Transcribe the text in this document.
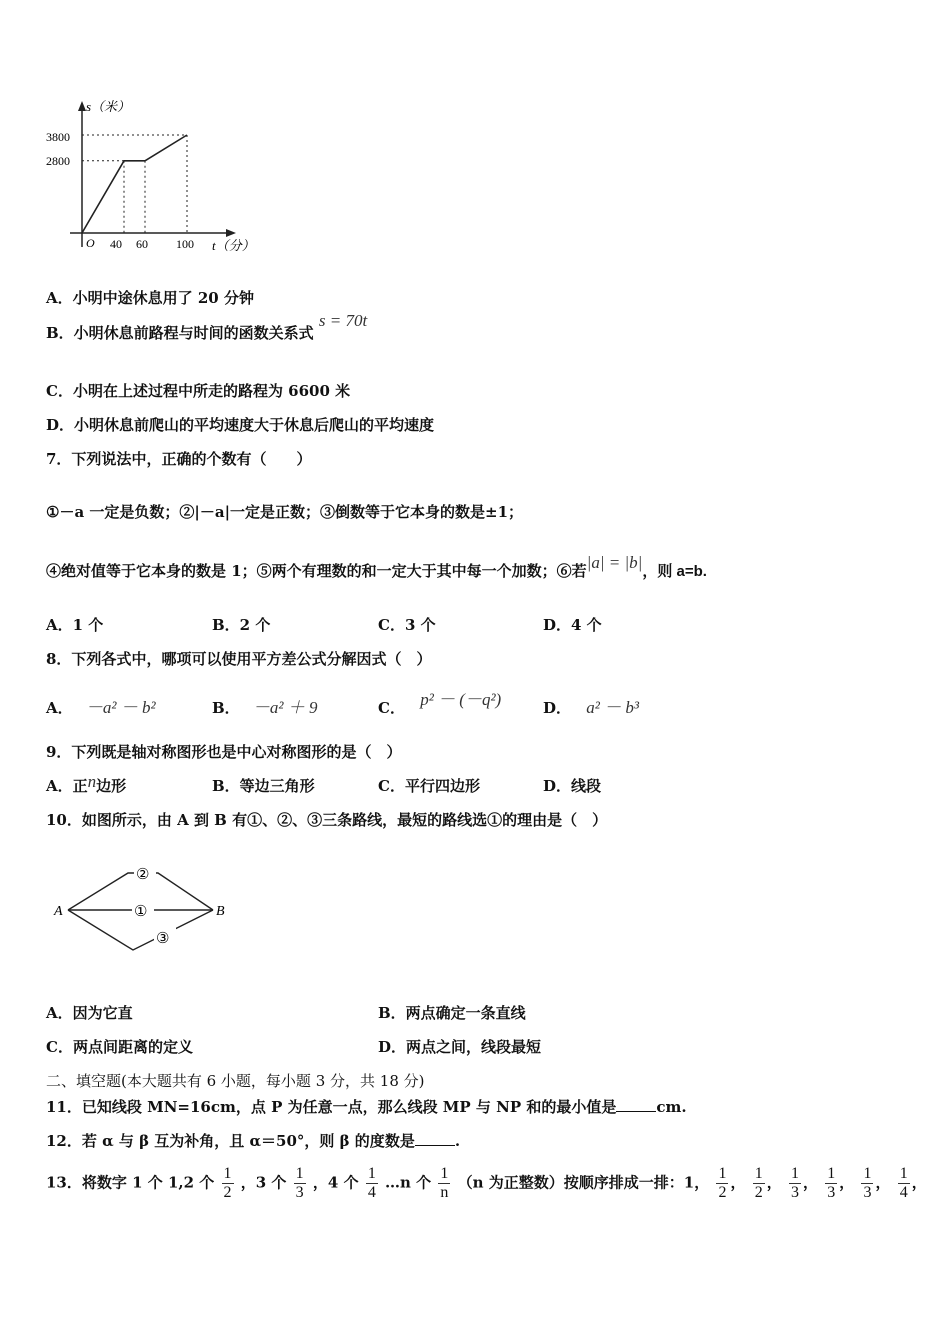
s（米）
3800
2800
O 40 60 100 t（分）
A．小明中途休息用了 20 分钟
B．小明休息前路程与时间的函数关系式 s = 70t
C．小明在上述过程中所走的路程为 6600 米
D．小明休息前爬山的平均速度大于休息后爬山的平均速度
7．下列说法中，正确的个数有（　　）
①－a 一定是负数；②|－a|一定是正数；③倒数等于它本身的数是±1；
④绝对值等于它本身的数是 1；⑤两个有理数的和一定大于其中每一个加数；⑥若|a| = |b|，则 a=b.
A．1 个	B．2 个	C．3 个	D．4 个
8．下列各式中，哪项可以使用平方差公式分解因式（　）
A． －a² － b²	B． －a² ＋ 9	C． p² － (－q²)	D． a² － b³
9．下列既是轴对称图形也是中心对称图形的是（　）
A．正n边形	B．等边三角形	C．平行四边形	D．线段
10．如图所示，由 A 到 B 有①、②、③三条路线，最短的路线选①的理由是（　）
A	B
②
①
③
A．因为它直	B．两点确定一条直线
C．两点间距离的定义	D．两点之间，线段最短
二、填空题(本大题共有 6 小题，每小题 3 分，共 18 分)
11．已知线段 MN=16cm，点 P 为任意一点，那么线段 MP 与 NP 和的最小值是	cm.
12．若 α 与 β 互为补角，且 α＝50°，则 β 的度数是	.
13．将数字 1 个 1,2 个 $\frac{1}{2}$ ，3 个 $\frac{1}{3}$ ，4 个 $\frac{1}{4}$ …n 个 $\frac{1}{n} (n$ 为正整数）按顺序排成一排：1， $\frac{1}{2}$ ， $\frac{1}{2}$ ， $\frac{1}{3}$ ， $\frac{1}{3}$ ， $\frac{1}{3}$ ， $\frac{1}{4}$ ，
